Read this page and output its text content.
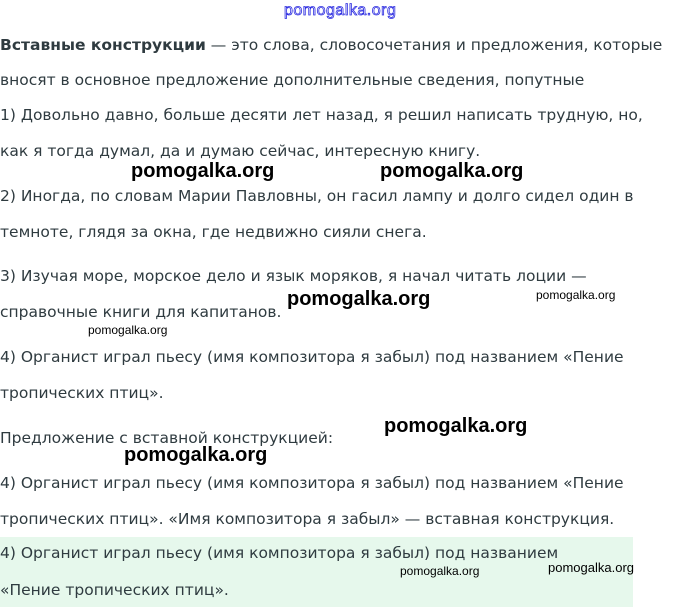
pomogalka.org
Вставные конструкции — это слова, словосочетания и предложения, которые
вносят в основное предложение дополнительные сведения, попутные
1) Довольно давно, больше десяти лет назад, я решил написать трудную, но,
как я тогда думал, да и думаю сейчас, интересную книгу.
2) Иногда, по словам Марии Павловны, он гасил лампу и долго сидел один в
темноте, глядя за окна, где недвижно сияли снега.
3) Изучая море, морское дело и язык моряков, я начал читать лоции —
справочные книги для капитанов.
4) Органист играл пьесу (имя композитора я забыл) под названием «Пение
тропических птиц».
Предложение с вставной конструкцией:
4) Органист играл пьесу (имя композитора я забыл) под названием «Пение
тропических птиц». «Имя композитора я забыл» — вставная конструкция.
4) Органист играл пьесу (имя композитора я забыл) под названием
«Пение тропических птиц».
pomogalka.org	pomogalka.org
pomogalka.org	pomogalka.org
pomogalka.org
pomogalka.org
pomogalka.org
pomogalka.org	pomogalka.org
